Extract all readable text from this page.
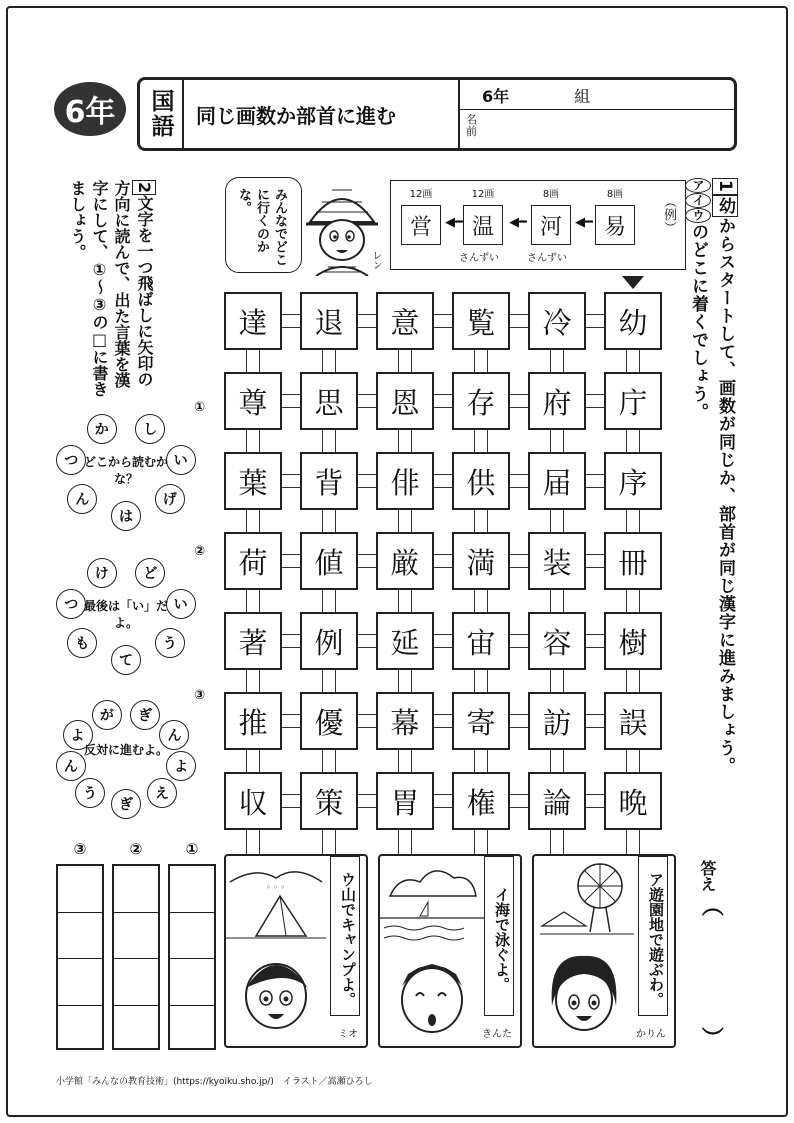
6年	国語	同じ画数か部首に進む
6年	組
名前
1幼からスタートして、画数が同じか、部首が同じ漢字に進みましょう。
アイウのどこに着くでしょう。
答え
（
）
12画	12画	8画	8画
営	◀━ 温	◀━ 河	◀━ 易
さんずい	さんずい
（例）
みんなでどこに行くのかな。
レン
達	退	意	覧	冷	幼
尊	思	恩	存	府	庁
葉	背	俳	供	届	序
荷	値	厳	満	装	冊
著	例	延	宙	容	樹
推	優	幕	寄	訪	誤
収	策	胃	権	論	晩
2文字を一つ飛ばしに矢印の方向に読んで、出た言葉を漢字にして、①～③の□に書きましょう。
か	し
い
げ
は
ん
つ どこから読むかな？
①
け	ど
い
う
て
も
つ 最後は「い」だよ。
②
が	ぎ
ん
よ
え
ぎ
う
ん
よ
反対に進むよ。
③
③	②	①
◦ ◦ ◦	ウ山でキャンプよ。
ミオ
イ海で泳ぐよ。
きんた
ア遊園地で遊ぶわ。
かりん
小学館「みんなの教育技術」(https://kyoiku.sho.jp/)　イラスト／嵩瀬ひろし
